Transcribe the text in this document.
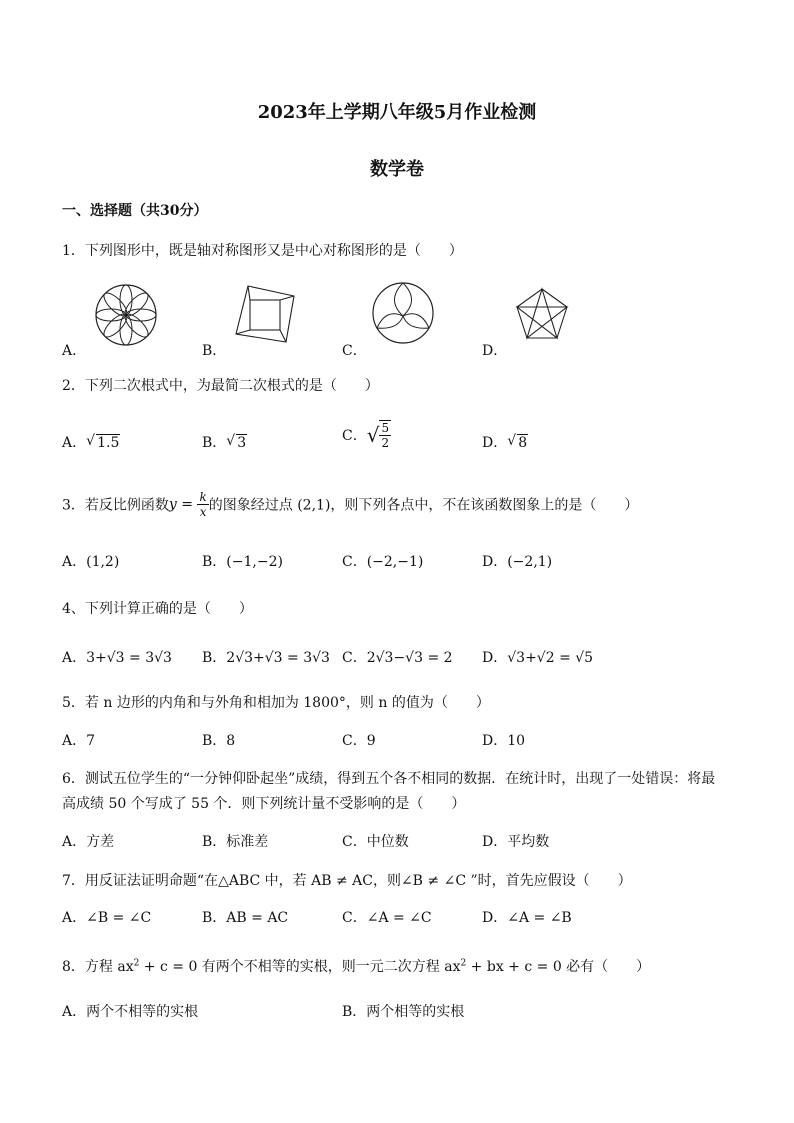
2023年上学期八年级5月作业检测
数学卷
一、选择题（共30分）
1．下列图形中，既是轴对称图形又是中心对称图形的是（　　）
A．	B．	C．	D．
2．下列二次根式中，为最简二次根式的是（　　）
A． √ 1.5	B． √ 3	C．√ $\frac{5}{2}$	D． √ 8
3．若反比例函数$y = \frac{k}{x}$ 的图象经过点 (2,1)，则下列各点中，不在该函数图象上的是（　　）
A．(1,2)	B．(−1,−2)	C．(−2,−1)	D．(−2,1)
4、下列计算正确的是（　　）
A．3+√3 = 3√3 B．2√3+√3 = 3√3 C．2√3−√3 = 2 D．√3+√2 = √5
5．若 n 边形的内角和与外角和相加为 1800°，则 n 的值为（　　）
A．7	B．8	C．9	D．10
6．测试五位学生的“一分钟仰卧起坐”成绩，得到五个各不相同的数据．在统计时，出现了一处错误：将最
高成绩 50 个写成了 55 个．则下列统计量不受影响的是（　　）
A．方差	B．标准差	C．中位数	D．平均数
7．用反证法证明命题“在△ABC 中，若 AB ≠ AC，则∠B ≠ ∠C ”时，首先应假设（　　）
A．∠B = ∠C	B．AB = AC	C．∠A = ∠C	D．∠A = ∠B
8．方程 $ax^2 + c = 0$ 有两个不相等的实根，则一元二次方程 $ax^2$ + bx + c = 0 必有（　　）
A．两个不相等的实根	B．两个相等的实根
